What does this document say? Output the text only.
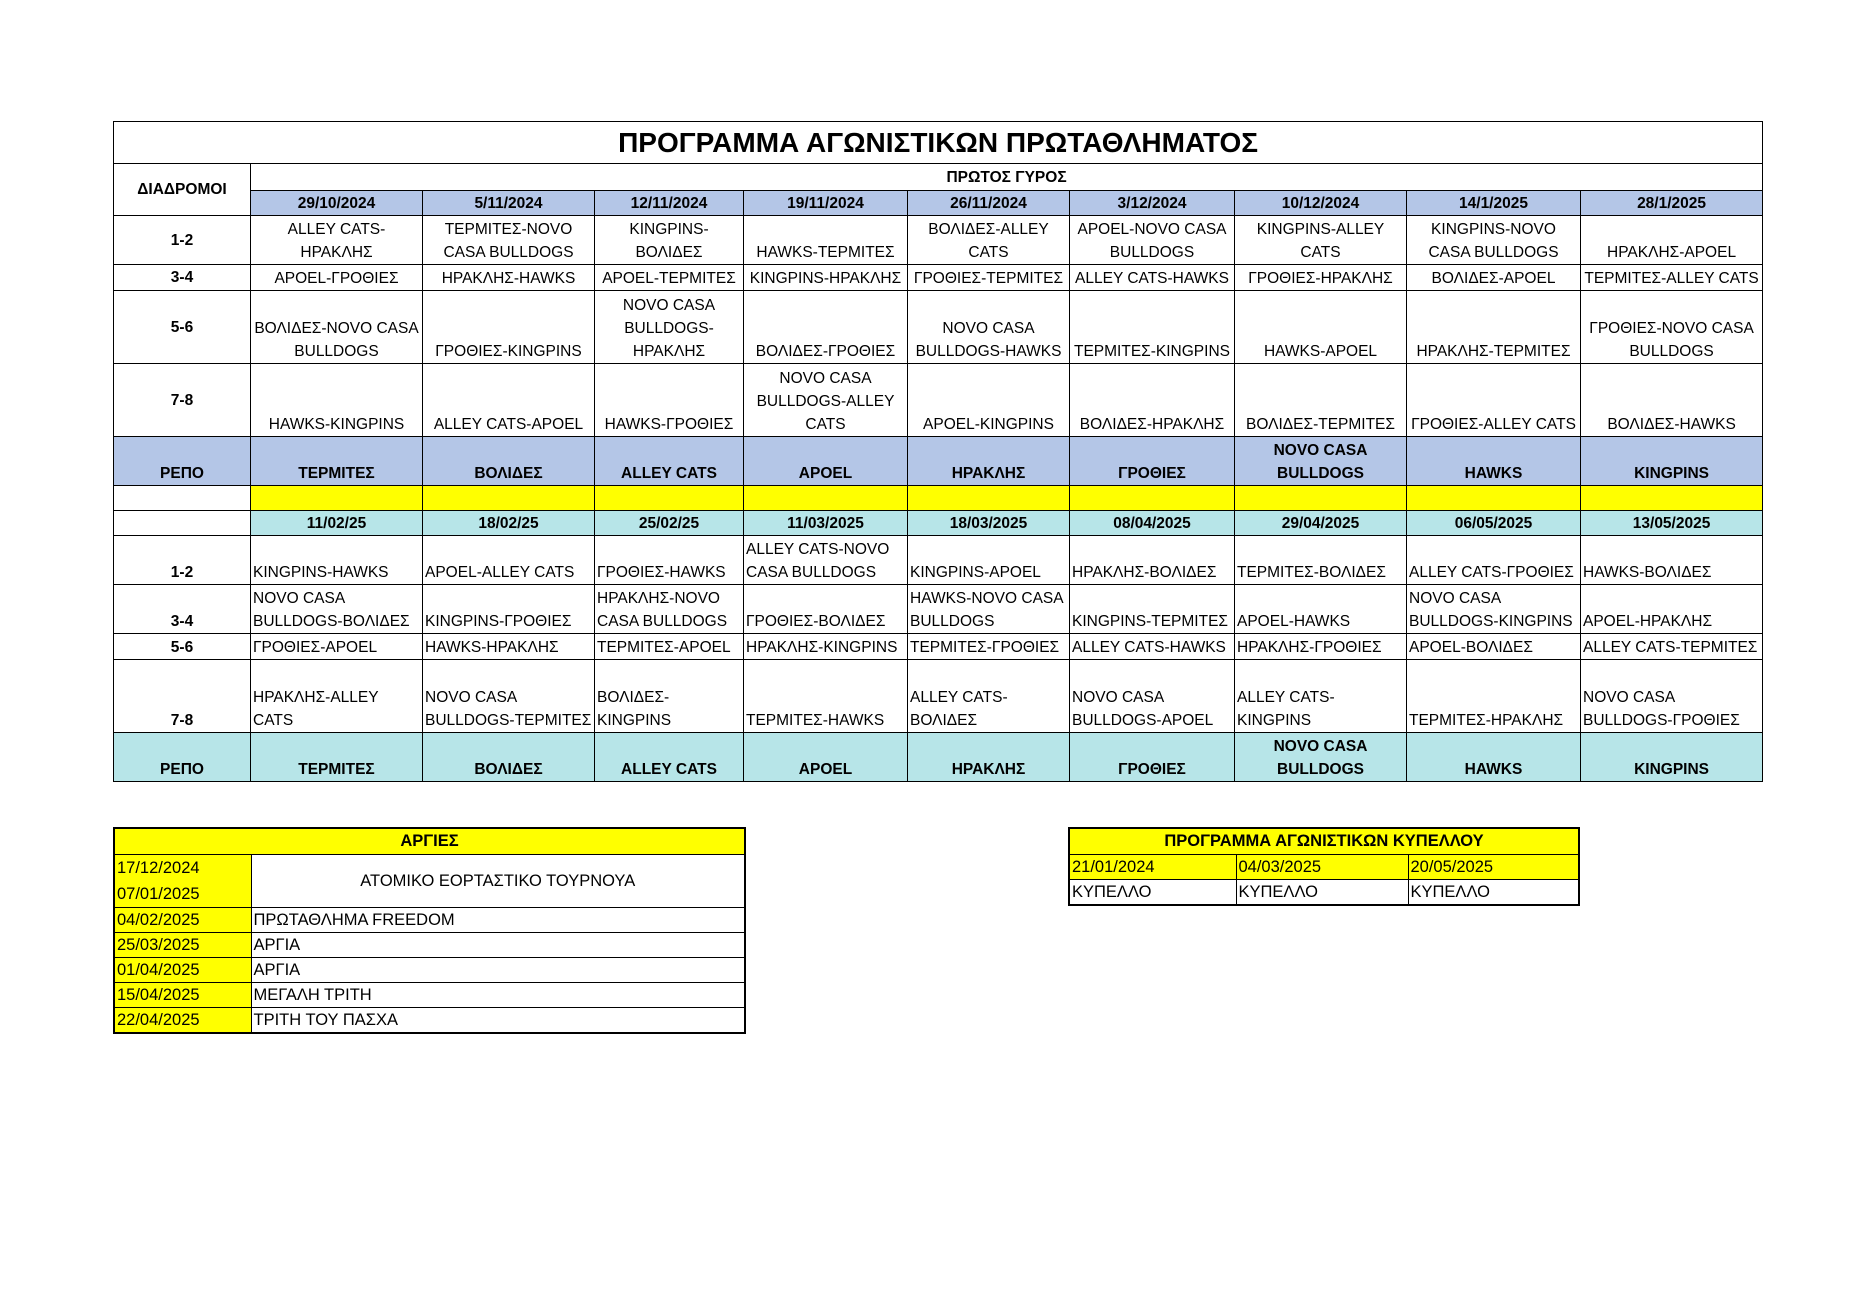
ΠΡΟΓΡΑΜΜΑ ΑΓΩΝΙΣΤΙΚΩΝ ΠΡΩΤΑΘΛΗΜΑΤΟΣ									
ΔΙΑΔΡΟΜΟΙ	ΠΡΩΤΟΣ ΓΥΡΟΣ								
	29/10/2024	5/11/2024	12/11/2024	19/11/2024	26/11/2024	3/12/2024	10/12/2024	14/1/2025	28/1/2025
1-2	ALLEY CATS-ΗΡΑΚΛΗΣ	ΤΕΡΜΙΤΕΣ-NOVO CASA BULLDOGS	KINGPINS-ΒΟΛΙΔΕΣ	HAWKS-ΤΕΡΜΙΤΕΣ	ΒΟΛΙΔΕΣ-ALLEY CATS	APOEL-NOVO CASA BULLDOGS	KINGPINS-ALLEY CATS	KINGPINS-NOVO CASA BULLDOGS	ΗΡΑΚΛΗΣ-APOEL
3-4	APOEL-ΓΡΟΘΙΕΣ	ΗΡΑΚΛΗΣ-HAWKS	APOEL-ΤΕΡΜΙΤΕΣ	KINGPINS-ΗΡΑΚΛΗΣ	ΓΡΟΘΙΕΣ-ΤΕΡΜΙΤΕΣ	ALLEY CATS-HAWKS	ΓΡΟΘΙΕΣ-ΗΡΑΚΛΗΣ	ΒΟΛΙΔΕΣ-APOEL	ΤΕΡΜΙΤΕΣ-ALLEY CATS
5-6	ΒΟΛΙΔΕΣ-NOVO CASA BULLDOGS	ΓΡΟΘΙΕΣ-KINGPINS	NOVO CASA BULLDOGS-ΗΡΑΚΛΗΣ	ΒΟΛΙΔΕΣ-ΓΡΟΘΙΕΣ	NOVO CASA BULLDOGS-HAWKS	ΤΕΡΜΙΤΕΣ-KINGPINS	HAWKS-APOEL	ΗΡΑΚΛΗΣ-ΤΕΡΜΙΤΕΣ	ΓΡΟΘΙΕΣ-NOVO CASA BULLDOGS
7-8	HAWKS-KINGPINS	ALLEY CATS-APOEL	HAWKS-ΓΡΟΘΙΕΣ	NOVO CASA BULLDOGS-ALLEY CATS	APOEL-KINGPINS	ΒΟΛΙΔΕΣ-ΗΡΑΚΛΗΣ	ΒΟΛΙΔΕΣ-ΤΕΡΜΙΤΕΣ	ΓΡΟΘΙΕΣ-ALLEY CATS	ΒΟΛΙΔΕΣ-HAWKS
ΡΕΠΟ	ΤΕΡΜΙΤΕΣ	ΒΟΛΙΔΕΣ	ALLEY CATS	APOEL	ΗΡΑΚΛΗΣ	ΓΡΟΘΙΕΣ	NOVO CASA BULLDOGS	HAWKS	KINGPINS

	11/02/25	18/02/25	25/02/25	11/03/2025	18/03/2025	08/04/2025	29/04/2025	06/05/2025	13/05/2025
1-2	KINGPINS-HAWKS	APOEL-ALLEY CATS	ΓΡΟΘΙΕΣ-HAWKS	ALLEY CATS-NOVO CASA BULLDOGS	KINGPINS-APOEL	ΗΡΑΚΛΗΣ-ΒΟΛΙΔΕΣ	ΤΕΡΜΙΤΕΣ-ΒΟΛΙΔΕΣ	ALLEY CATS-ΓΡΟΘΙΕΣ	HAWKS-ΒΟΛΙΔΕΣ
3-4	NOVO CASA BULLDOGS-ΒΟΛΙΔΕΣ	KINGPINS-ΓΡΟΘΙΕΣ	ΗΡΑΚΛΗΣ-NOVO CASA BULLDOGS	ΓΡΟΘΙΕΣ-ΒΟΛΙΔΕΣ	HAWKS-NOVO CASA BULLDOGS	KINGPINS-ΤΕΡΜΙΤΕΣ	APOEL-HAWKS	NOVO CASA BULLDOGS-KINGPINS	APOEL-ΗΡΑΚΛΗΣ
5-6	ΓΡΟΘΙΕΣ-APOEL	HAWKS-ΗΡΑΚΛΗΣ	ΤΕΡΜΙΤΕΣ-APOEL	ΗΡΑΚΛΗΣ-KINGPINS	ΤΕΡΜΙΤΕΣ-ΓΡΟΘΙΕΣ	ALLEY CATS-HAWKS	ΗΡΑΚΛΗΣ-ΓΡΟΘΙΕΣ	APOEL-ΒΟΛΙΔΕΣ	ALLEY CATS-ΤΕΡΜΙΤΕΣ
7-8	ΗΡΑΚΛΗΣ-ALLEY CATS	NOVO CASA BULLDOGS-ΤΕΡΜΙΤΕΣ	ΒΟΛΙΔΕΣ-KINGPINS	ΤΕΡΜΙΤΕΣ-HAWKS	ALLEY CATS-ΒΟΛΙΔΕΣ	NOVO CASA BULLDOGS-APOEL	ALLEY CATS-KINGPINS	ΤΕΡΜΙΤΕΣ-ΗΡΑΚΛΗΣ	NOVO CASA BULLDOGS-ΓΡΟΘΙΕΣ
ΡΕΠΟ	ΤΕΡΜΙΤΕΣ	ΒΟΛΙΔΕΣ	ALLEY CATS	APOEL	ΗΡΑΚΛΗΣ	ΓΡΟΘΙΕΣ	NOVO CASA BULLDOGS	HAWKS	KINGPINS
ΑΡΓΙΕΣ	

17/12/2024
07/01/2025	ΑΤΟΜΙΚΟ ΕΟΡΤΑΣΤΙΚΟ ΤΟΥΡΝΟΥΑ
04/02/2025	ΠΡΩΤΑΘΛΗΜΑ FREEDOM
25/03/2025	ΑΡΓΙΑ
01/04/2025	ΑΡΓΙΑ
15/04/2025	ΜΕΓΑΛΗ ΤΡΙΤΗ
22/04/2025	ΤΡΙΤΗ ΤΟΥ ΠΑΣΧΑ
ΠΡΟΓΡΑΜΜΑ ΑΓΩΝΙΣΤΙΚΩΝ ΚΥΠΕΛΛΟΥ		
21/01/2024	04/03/2025	20/05/2025
ΚΥΠΕΛΛΟ	ΚΥΠΕΛΛΟ	ΚΥΠΕΛΛΟ
